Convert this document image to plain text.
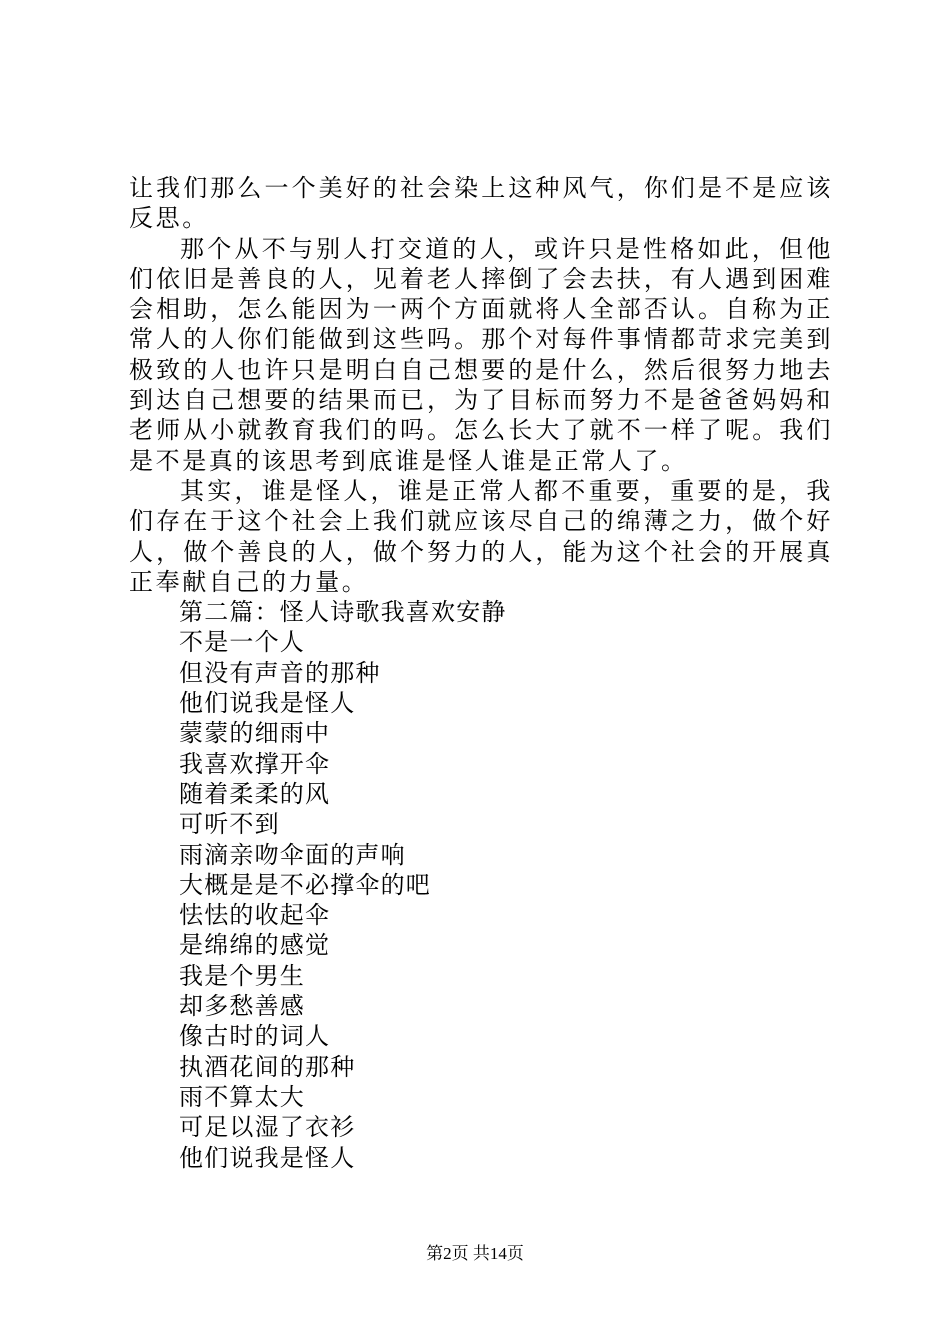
让我们那么一个美好的社会染上这种风气，你们是不是应该反思。

那个从不与别人打交道的人，或许只是性格如此，但他们依旧是善良的人，见着老人摔倒了会去扶，有人遇到困难会相助，怎么能因为一两个方面就将人全部否认。自称为正常人的人你们能做到这些吗。那个对每件事情都苛求完美到极致的人也许只是明白自己想要的是什么，然后很努力地去到达自己想要的结果而已，为了目标而努力不是爸爸妈妈和老师从小就教育我们的吗。怎么长大了就不一样了呢。我们是不是真的该思考到底谁是怪人谁是正常人了。

其实，谁是怪人，谁是正常人都不重要，重要的是，我们存在于这个社会上我们就应该尽自己的绵薄之力，做个好人，做个善良的人，做个努力的人，能为这个社会的开展真正奉献自己的力量。

第二篇：怪人诗歌我喜欢安静

不是一个人

但没有声音的那种

他们说我是怪人

蒙蒙的细雨中

我喜欢撑开伞

随着柔柔的风

可听不到

雨滴亲吻伞面的声响

大概是是不必撑伞的吧

怯怯的收起伞

是绵绵的感觉

我是个男生

却多愁善感

像古时的词人

执酒花间的那种

雨不算太大

可足以湿了衣衫

他们说我是怪人

第2页 共14页
